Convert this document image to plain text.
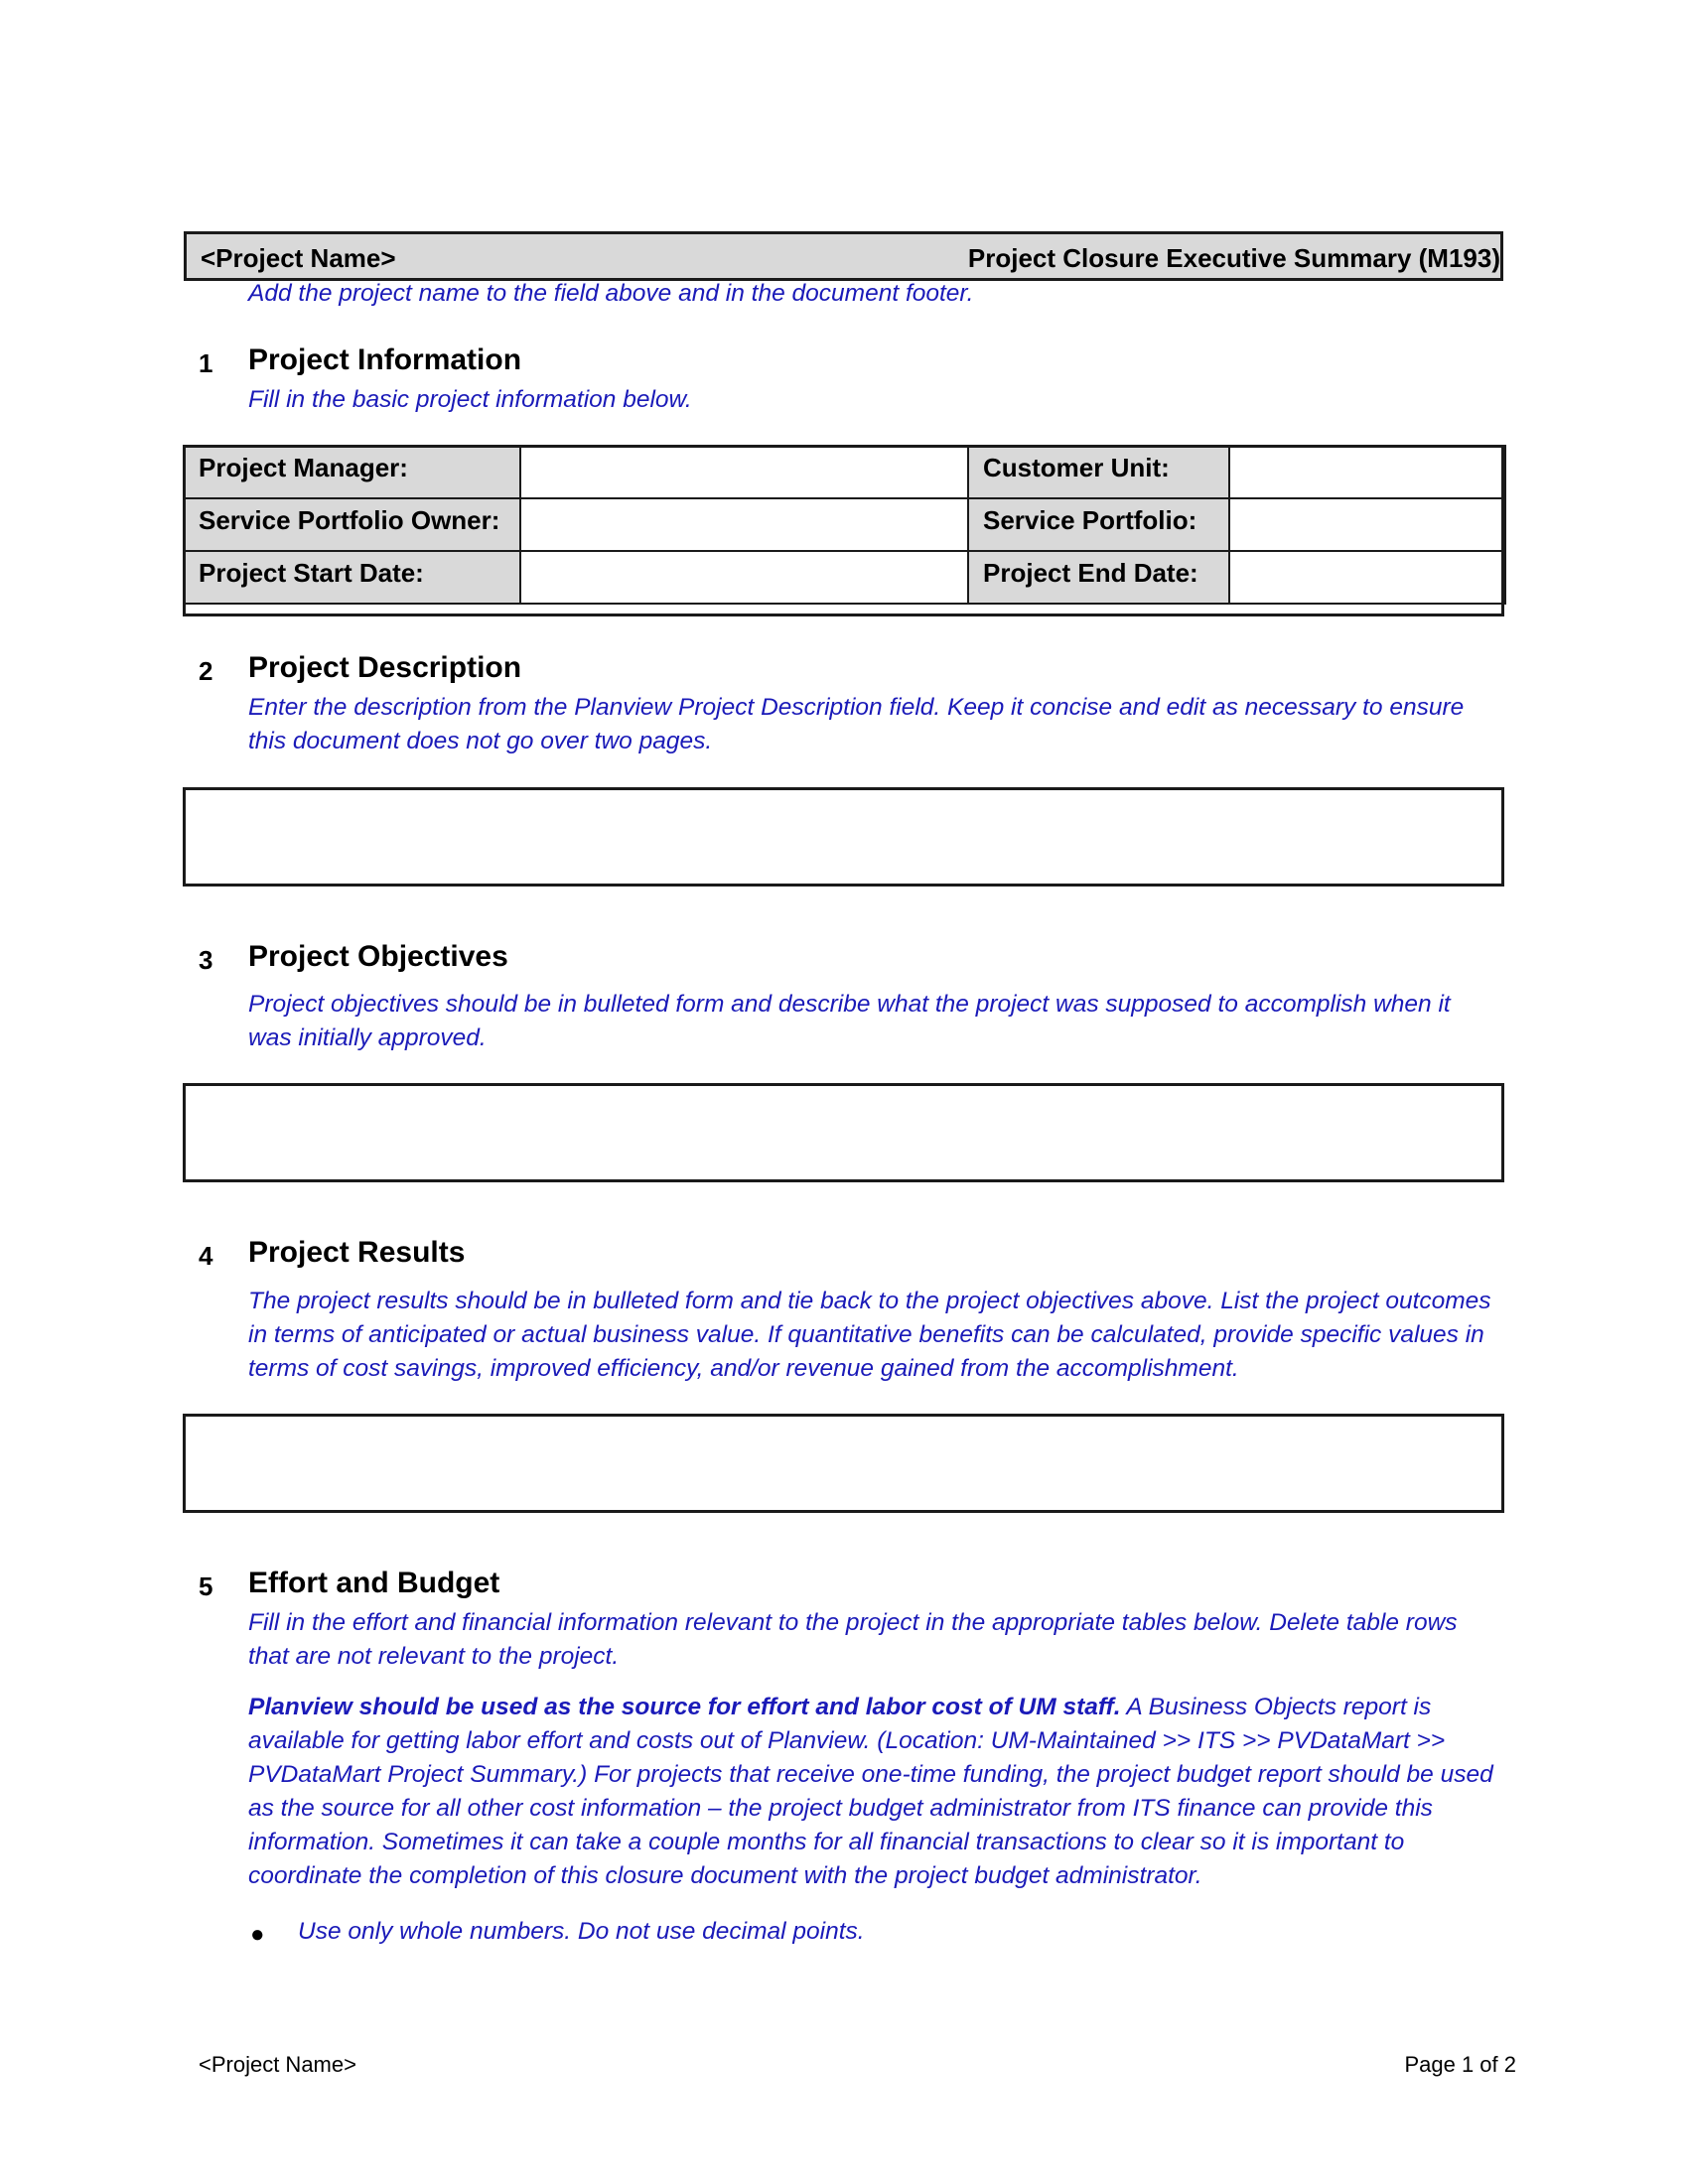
<Project Name>	Project Closure Executive Summary (M193)
Add the project name to the field above and in the document footer.
1 Project Information
Fill in the basic project information below.
Project Manager:		Customer Unit:	
Service Portfolio Owner:		Service Portfolio:	
Project Start Date:		Project End Date:	
2 Project Description
Enter the description from the Planview Project Description field. Keep it concise and edit as necessary to ensure this document does not go over two pages.
3 Project Objectives
Project objectives should be in bulleted form and describe what the project was supposed to accomplish when it was initially approved.
4 Project Results
The project results should be in bulleted form and tie back to the project objectives above. List the project outcomes in terms of anticipated or actual business value. If quantitative benefits can be calculated, provide specific values in terms of cost savings, improved efficiency, and/or revenue gained from the accomplishment.
5 Effort and Budget
Fill in the effort and financial information relevant to the project in the appropriate tables below. Delete table rows that are not relevant to the project.
Planview should be used as the source for effort and labor cost of UM staff. A Business Objects report is available for getting labor effort and costs out of Planview. (Location: UM-Maintained >> ITS >> PVDataMart >> PVDataMart Project Summary.) For projects that receive one-time funding, the project budget report should be used as the source for all other cost information – the project budget administrator from ITS finance can provide this information. Sometimes it can take a couple months for all financial transactions to clear so it is important to coordinate the completion of this closure document with the project budget administrator.
● Use only whole numbers. Do not use decimal points.
<Project Name>	Page 1 of 2
